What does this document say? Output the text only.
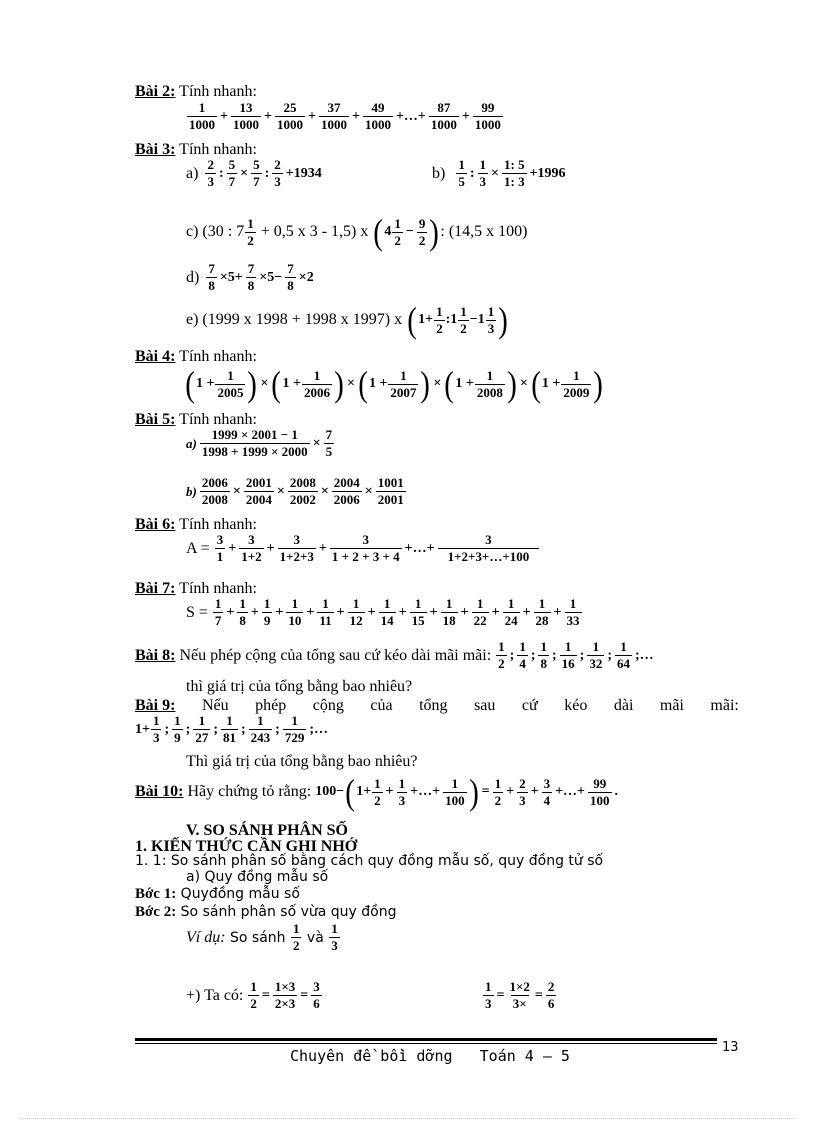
Bài 2: Tính nhanh:
1
1000
+ $\frac{13}{1000} + \frac{25}{1000} + \frac{37}{1000} + \frac{49}{1000}$ +…+ $\frac{87}{1000} + \frac{99}{1000}$
Bài 3: Tính nhanh:
a) 2
3
: $\frac{5}{7} \times \frac{5}{7}$ :
2
3
+1934	b) 1
5
: $\frac{1}{3} \times \frac{1: 5}{1: 3} +1996$
c) (30 : 7 1
2 + 0,5 x 3 - 1,5) x ( 4
1
2
− $\frac{9}{2}$ ) : (14,5 x 100)
$d) \frac{7}{8} \times 5+ \frac{7}{8} \times 5- \frac{7}{8} \times 2$
e) (1999 x 1998 + 1998 x 1997) x ( $1+ \frac{1}{2}$ :1
1
2
−1
1
3 )
Bài 4: Tính nhanh:
( $1 + \frac{1}{2005}$ ) × ( $1 + \frac{1}{2006}$ ) × ( $1 + \frac{1}{2007}$ ) × ( $1 + \frac{1}{2008}$ ) × ( $1 + \frac{1}{2009}$ )
Bài 5: Tính nhanh:
$a) \frac{1999 \times 2001 - 1}{1998 + 1999 \times 2000} \times \frac{7}{5}$
$b) \frac{2006}{2008} \times \frac{2001}{2004} \times \frac{2008}{2002} \times \frac{2004}{2006} \times \frac{1001}{2001}$
Bài 6: Tính nhanh:
$A = \frac{3}{1} + \frac{3}{1+2} + \frac{3}{1+2+3} + \frac{3}{1 + 2 + 3 + 4}$ +…+ $\frac{3}{1+2+3+\dots+100}$
Bài 7: Tính nhanh:
$S = \frac{1}{7} + \frac{1}{8} + \frac{1}{9} + \frac{1}{10} + \frac{1}{11} + \frac{1}{12} + \frac{1}{14} + \frac{1}{15} + \frac{1}{18} + \frac{1}{22} + \frac{1}{24} + \frac{1}{28} + \frac{1}{33}$
Bài 8: Nếu phép cộng của tổng sau cứ kéo dài mãi mãi: 1
2
;
1
4
;
1
8
;
1
16
;
1
32
;
1
64
;…
thì giá trị của tổng bằng bao nhiêu?
Bài 9: Nếu phép cộng của tổng sau cứ kéo dài mãi mãi:
$1+ \frac{1}{3}$ ;
1
9
;
1
27
;
1
81
;
1
243
;
1
729
;…
Thì giá trị của tổng bằng bao nhiêu?
Bài 10: Hãy chứng tỏ rằng: 100− ( $1+ \frac{1}{2} + \frac{1}{3}$ +…+ $\frac{1}{100}$ ) = $\frac{1}{2} + \frac{2}{3} + \frac{3}{4}$ +…+ $\frac{99}{100}$ .
V. SO SÁNH PHÂN SỐ
1. KIẾN THỨC CẦN GHI NHỚ
1. 1: So sánh phân số bằng cách quy đồng mẫu số, quy đồng tử số
a) Quy đồng mẫu số
Bớc 1: Quyđồng mẫu số
Bớc 2: So sánh phân số vừa quy đồng
Ví dụ: So sánh
1
2 và
1
3
+) Ta có: $\frac{1}{2} = \frac{1\times 3}{2\times 3} = \frac{3}{6}$	$\frac{1}{3} = \frac{1\times 2}{3\times} = \frac{2}{6}$
13
Chuyên đề bồi dỡng   Toán 4 – 5
